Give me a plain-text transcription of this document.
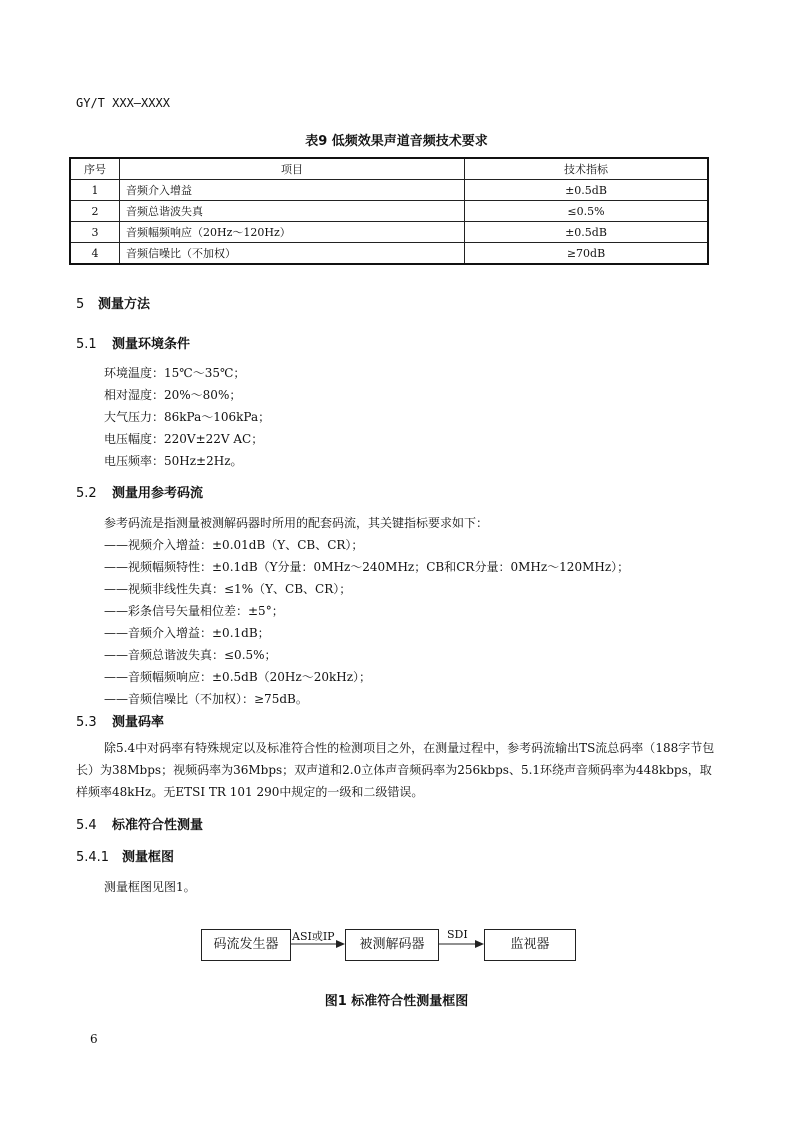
GY/T XXX—XXXX
表9 低频效果声道音频技术要求
序号	项目	技术指标
1	音频介入增益	±0.5dB
2	音频总谐波失真	≤0.5%
3	音频幅频响应（20Hz～120Hz）	±0.5dB
4	音频信噪比（不加权）	≥70dB
5 测量方法
5.1 测量环境条件
环境温度：15℃～35℃；
相对湿度：20%～80%；
大气压力：86kPa～106kPa；
电压幅度：220V±22V AC；
电压频率：50Hz±2Hz。
5.2 测量用参考码流
参考码流是指测量被测解码器时所用的配套码流，其关键指标要求如下：
——视频介入增益：±0.01dB（Y、CB、CR）；
——视频幅频特性：±0.1dB（Y分量：0MHz～240MHz；CB和CR分量：0MHz～120MHz）；
——视频非线性失真：≤1%（Y、CB、CR）；
——彩条信号矢量相位差：±5°；
——音频介入增益：±0.1dB；
——音频总谐波失真：≤0.5%；
——音频幅频响应：±0.5dB（20Hz～20kHz）；
——音频信噪比（不加权）：≥75dB。
5.3 测量码率
除5.4中对码率有特殊规定以及标准符合性的检测项目之外，在测量过程中，参考码流输出TS流总码率（188字节包长）为38Mbps；视频码率为36Mbps；双声道和2.0立体声音频码率为256kbps、5.1环绕声音频码率为448kbps，取样频率48kHz。无ETSI TR 101 290中规定的一级和二级错误。
5.4 标准符合性测量
5.4.1 测量框图
测量框图见图1。
码流发生器	被测解码器	监视器
ASI或IP	SDI
图1 标准符合性测量框图
6
